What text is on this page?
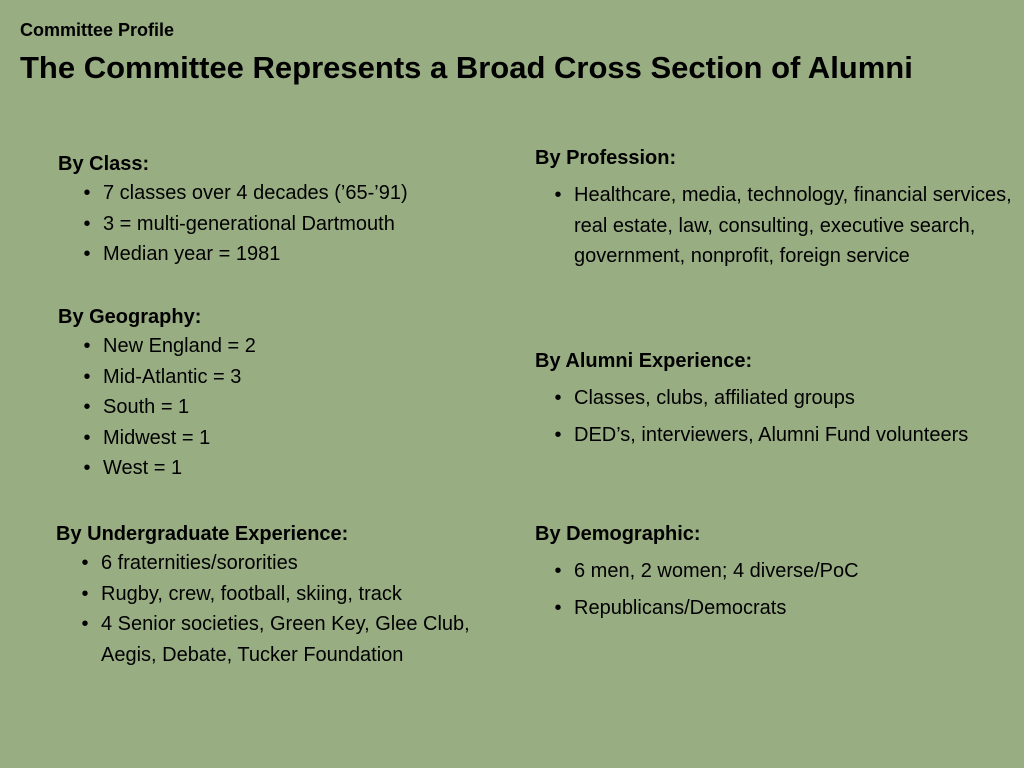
Committee Profile

The Committee Represents a Broad Cross Section of Alumni
By Class:
• 7 classes over 4 decades (’65-’91)
• 3 = multi-generational Dartmouth
• Median year = 1981
By Geography:
• New England = 2
• Mid-Atlantic = 3
• South = 1
• Midwest = 1
• West = 1
By Undergraduate Experience:
• 6 fraternities/sororities
• Rugby, crew, football, skiing, track
• 4 Senior societies, Green Key, Glee Club, Aegis, Debate, Tucker Foundation
By Profession:
• Healthcare, media, technology, financial services, real estate, law, consulting, executive search, government, nonprofit, foreign service
By Alumni Experience:
• Classes, clubs, affiliated groups
• DED’s, interviewers, Alumni Fund volunteers
By Demographic:
• 6 men, 2 women; 4 diverse/PoC
• Republicans/Democrats
